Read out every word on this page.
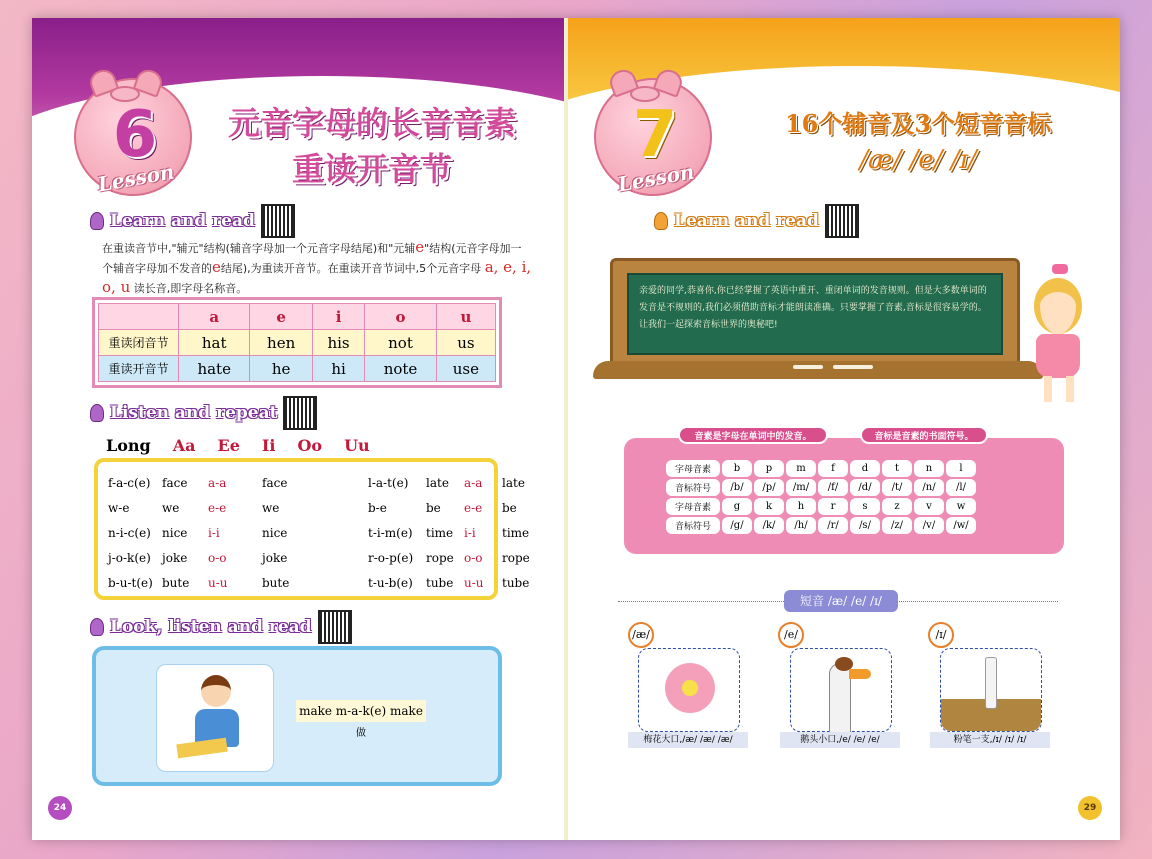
6
Lesson
元音字母的长音音素
重读开音节
Learn and read
在重读音节中,"辅元"结构(辅音字母加一个元音字母结尾)和"元辅e"结构(元音字母加一个辅音字母加不发音的e结尾),为重读开音节。在重读开音节词中,5个元音字母 a, e, i, o, u 读长音,即字母名称音。
	a	e	i	o	u
重读闭音节	hat	hen	his	not	us
重读开音节	hate	he	hi	note	use
Listen and repeat
Long Aa Ee Ii Oo Uu
f-a-c(e) face	a-a	face	l-a-t(e)	late	a-a	late
w-e	we	e-e	we	b-e	be	e-e	be
n-i-c(e) nice	i-i	nice	t-i-m(e)	time i-i	time
j-o-k(e) joke	o-o	joke	r-o-p(e)	rope o-o	rope
b-u-t(e) bute	u-u	bute	t-u-b(e)	tube u-u	tube
Look, listen and read
make m-a-k(e) make
做
24
7
Lesson
16个辅音及3个短音音标
/æ/ /e/ /ɪ/
Learn and read
亲爱的同学,恭喜你,你已经掌握了英语中重开、重闭单词的发音规则。但是大多数单词的发音是不规则的,我们必须借助音标才能朗读准确。只要掌握了音素,音标是很容易学的。让我们一起探索音标世界的奥秘吧!
音素是字母在单词中的发音。	音标是音素的书面符号。
字母音素	b	p	m	f	d	t	n	l
音标符号	/b/	/p/	/m/	/f/	/d/	/t/	/n/	/l/
字母音素	g	k	h	r	s	z	v	w
音标符号	/g/	/k/	/h/	/r/	/s/	/z/	/v/	/w/
短音 /æ/ /e/ /ɪ/
/æ/
梅花大口,/æ/ /æ/ /æ/
/e/
鹅头小口,/e/ /e/ /e/
/ɪ/
粉笔一支,/ɪ/ /ɪ/ /ɪ/
29
